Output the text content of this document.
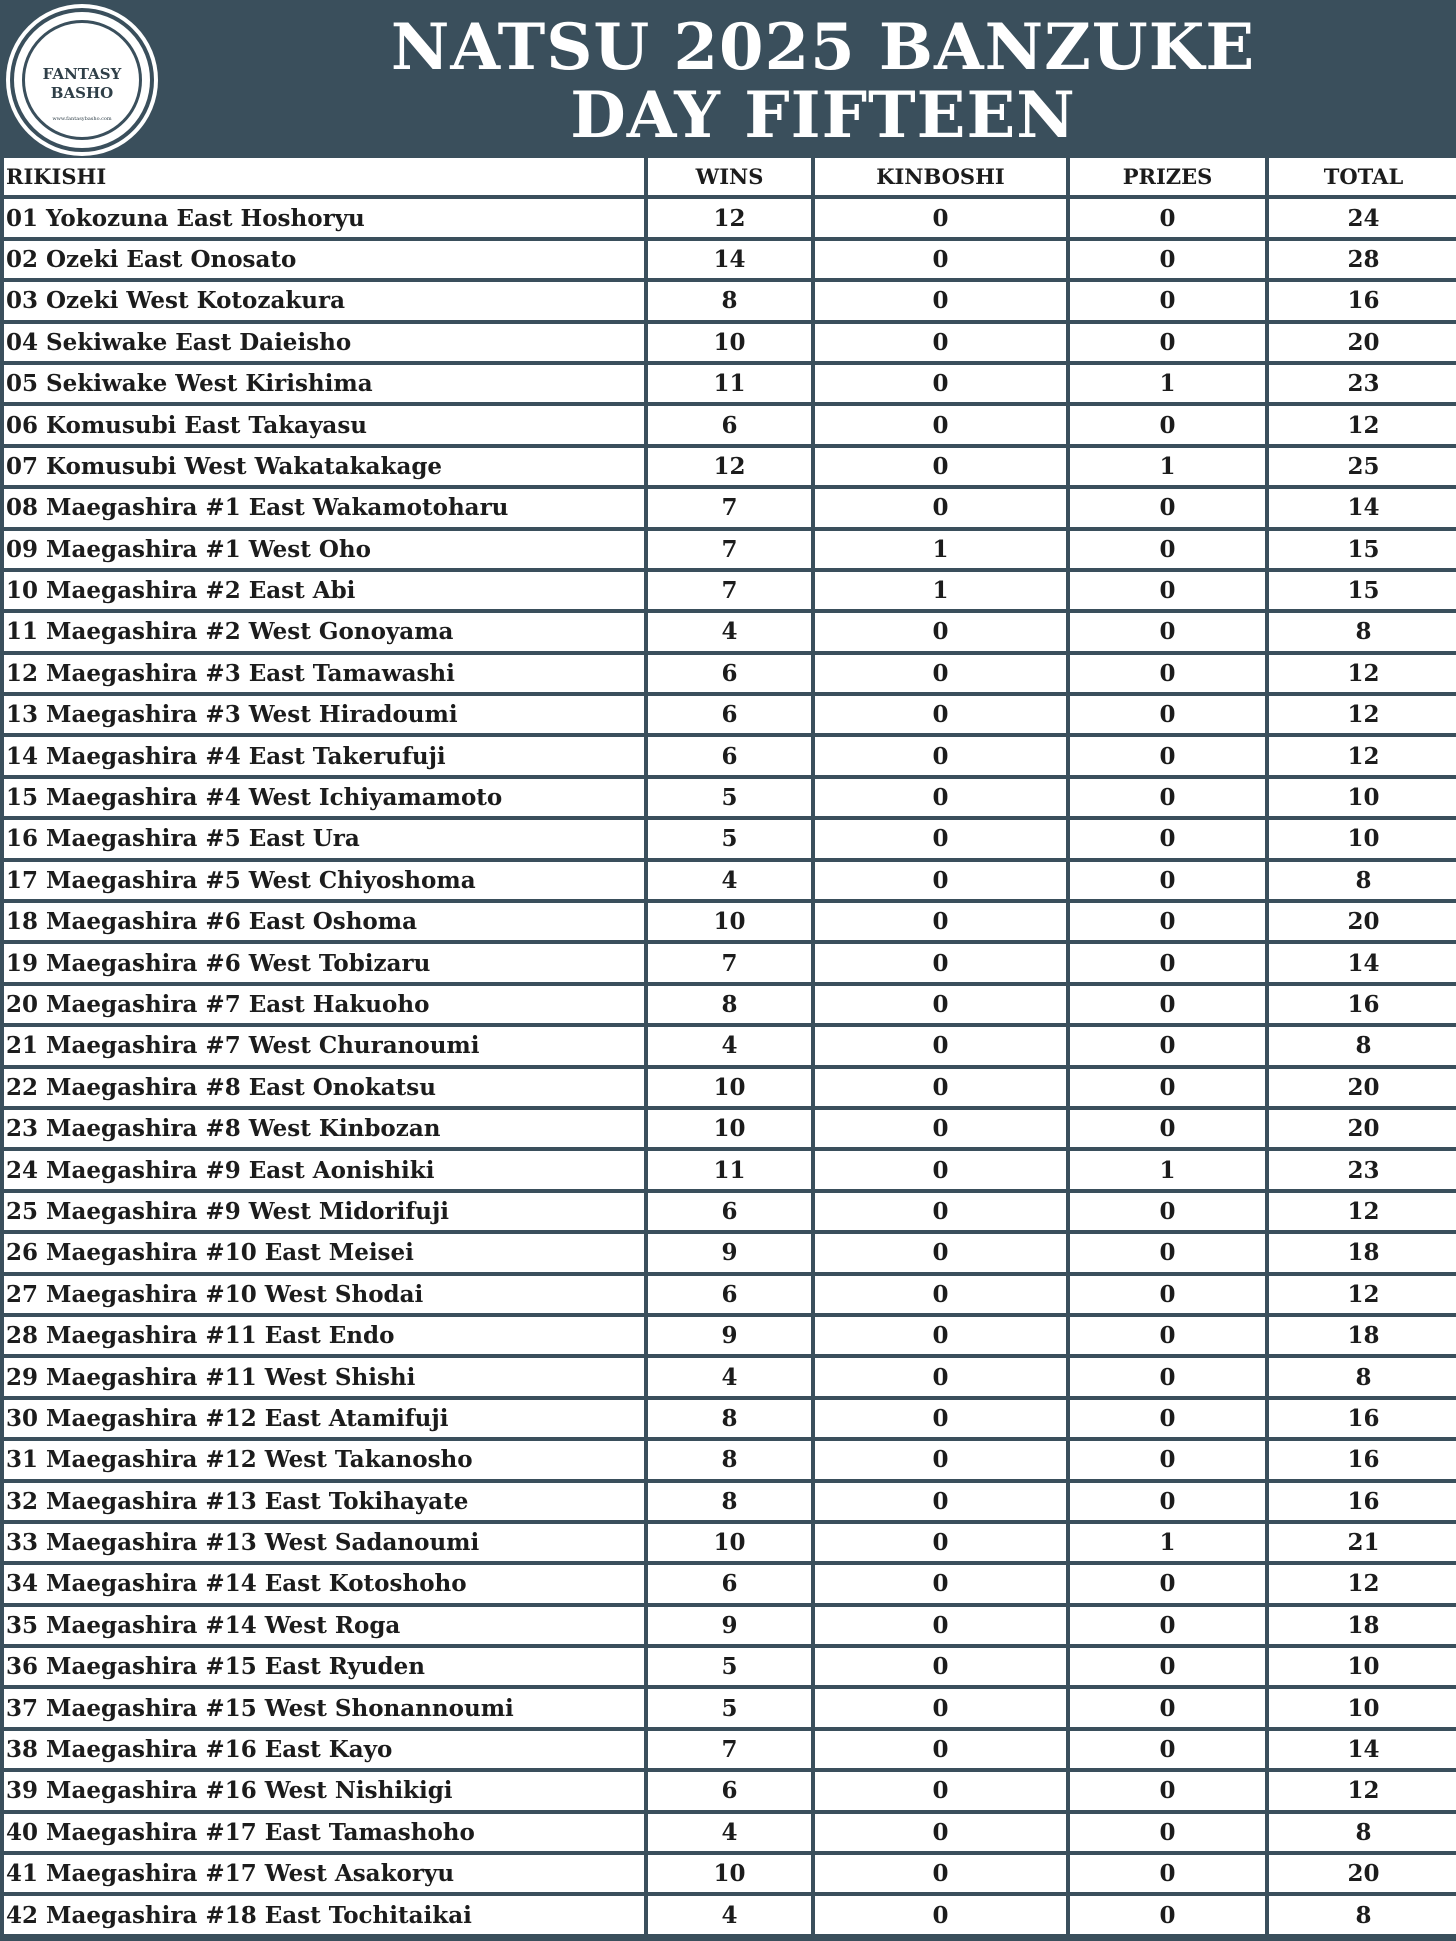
FANTASY
BASHO
www.fantasybasho.com
NATSU 2025 BANZUKE
DAY FIFTEEN
RIKISHI	WINS	KINBOSHI	PRIZES	TOTAL
01 Yokozuna East Hoshoryu	12	0	0	24
02 Ozeki East Onosato	14	0	0	28
03 Ozeki West Kotozakura	8	0	0	16
04 Sekiwake East Daieisho	10	0	0	20
05 Sekiwake West Kirishima	11	0	1	23
06 Komusubi East Takayasu	6	0	0	12
07 Komusubi West Wakatakakage	12	0	1	25
08 Maegashira #1 East Wakamotoharu	7	0	0	14
09 Maegashira #1 West Oho	7	1	0	15
10 Maegashira #2 East Abi	7	1	0	15
11 Maegashira #2 West Gonoyama	4	0	0	8
12 Maegashira #3 East Tamawashi	6	0	0	12
13 Maegashira #3 West Hiradoumi	6	0	0	12
14 Maegashira #4 East Takerufuji	6	0	0	12
15 Maegashira #4 West Ichiyamamoto	5	0	0	10
16 Maegashira #5 East Ura	5	0	0	10
17 Maegashira #5 West Chiyoshoma	4	0	0	8
18 Maegashira #6 East Oshoma	10	0	0	20
19 Maegashira #6 West Tobizaru	7	0	0	14
20 Maegashira #7 East Hakuoho	8	0	0	16
21 Maegashira #7 West Churanoumi	4	0	0	8
22 Maegashira #8 East Onokatsu	10	0	0	20
23 Maegashira #8 West Kinbozan	10	0	0	20
24 Maegashira #9 East Aonishiki	11	0	1	23
25 Maegashira #9 West Midorifuji	6	0	0	12
26 Maegashira #10 East Meisei	9	0	0	18
27 Maegashira #10 West Shodai	6	0	0	12
28 Maegashira #11 East Endo	9	0	0	18
29 Maegashira #11 West Shishi	4	0	0	8
30 Maegashira #12 East Atamifuji	8	0	0	16
31 Maegashira #12 West Takanosho	8	0	0	16
32 Maegashira #13 East Tokihayate	8	0	0	16
33 Maegashira #13 West Sadanoumi	10	0	1	21
34 Maegashira #14 East Kotoshoho	6	0	0	12
35 Maegashira #14 West Roga	9	0	0	18
36 Maegashira #15 East Ryuden	5	0	0	10
37 Maegashira #15 West Shonannoumi	5	0	0	10
38 Maegashira #16 East Kayo	7	0	0	14
39 Maegashira #16 West Nishikigi	6	0	0	12
40 Maegashira #17 East Tamashoho	4	0	0	8
41 Maegashira #17 West Asakoryu	10	0	0	20
42 Maegashira #18 East Tochitaikai	4	0	0	8
